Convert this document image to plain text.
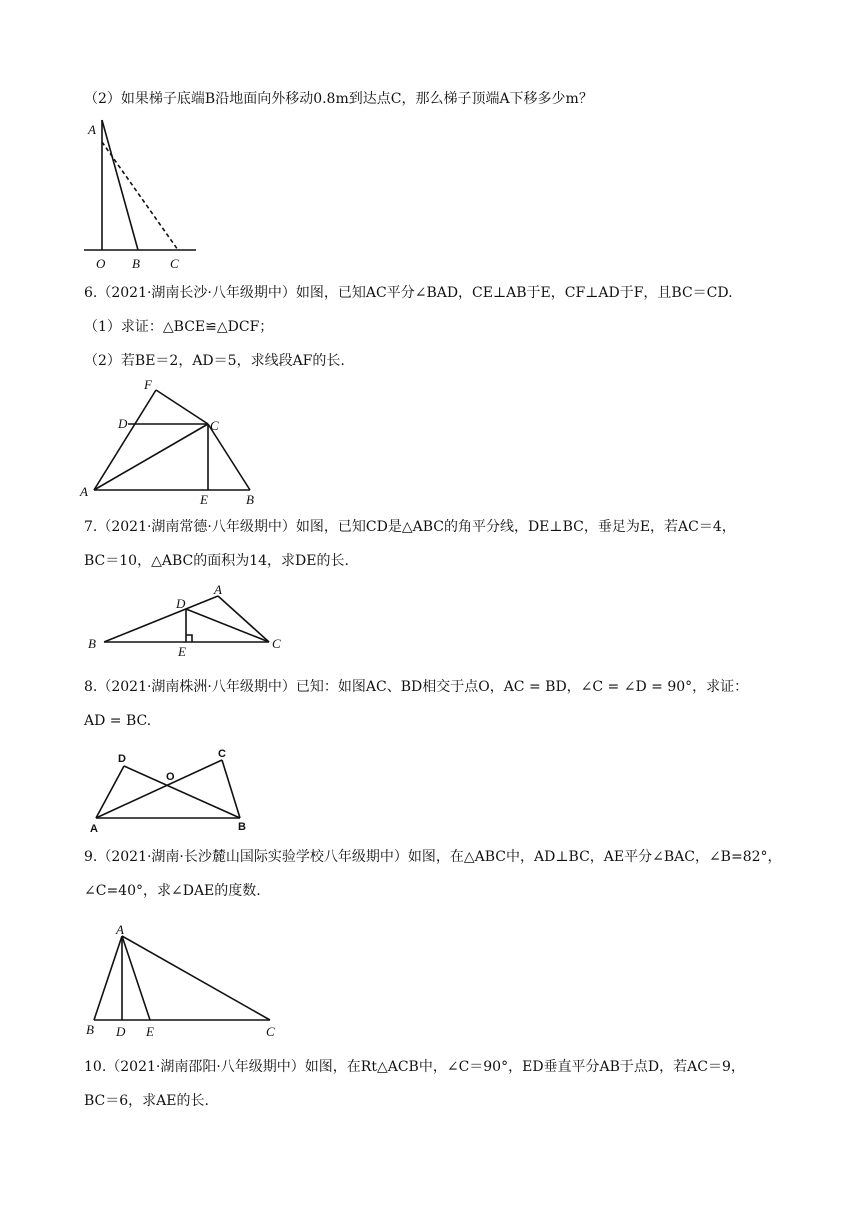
（2）如果梯子底端B沿地面向外移动0.8m到达点C，那么梯子顶端A下移多少m？
A
O B C
6.（2021·湖南长沙·八年级期中）如图，已知AC平分∠BAD，CE⊥AB于E，CF⊥AD于F，且BC＝CD.
（1）求证：△BCE≌△DCF；
（2）若BE＝2，AD＝5，求线段AF的长.
F
D	C
A
E	B
7.（2021·湖南常德·八年级期中）如图，已知CD是△ABC的角平分线，DE⊥BC，垂足为E，若AC＝4，
BC＝10，△ABC的面积为14，求DE的长.
D
A
B
E
C
8.（2021·湖南株洲·八年级期中）已知：如图AC、BD相交于点O，AC = BD，∠C = ∠D = 90°，求证：
AD = BC.
D	C
O
A	B
9.（2021·湖南·长沙麓山国际实验学校八年级期中）如图，在△ABC中，AD⊥BC，AE平分∠BAC，∠B=82°，
∠C=40°，求∠DAE的度数.
A
B D E	C
10.（2021·湖南邵阳·八年级期中）如图，在Rt△ACB中，∠C＝90°，ED垂直平分AB于点D，若AC＝9，
BC＝6，求AE的长.
